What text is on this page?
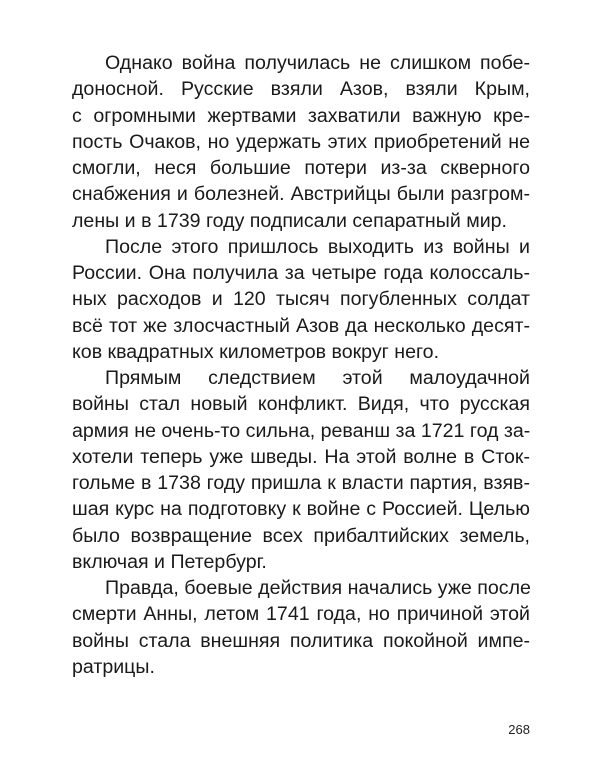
Однако война получилась не слишком побе-
доносной. Русские взяли Азов, взяли Крым,
с огромными жертвами захватили важную кре-
пость Очаков, но удержать этих приобретений не
смогли, неся большие потери из-за скверного
снабжения и болезней. Австрийцы были разгром-
лены и в 1739 году подписали сепаратный мир.
После этого пришлось выходить из войны и
России. Она получила за четыре года колоссаль-
ных расходов и 120 тысяч погубленных солдат
всё тот же злосчастный Азов да несколько десят-
ков квадратных километров вокруг него.
Прямым следствием этой малоудачной
войны стал новый конфликт. Видя, что русская
армия не очень-то сильна, реванш за 1721 год за-
хотели теперь уже шведы. На этой волне в Сток-
гольме в 1738 году пришла к власти партия, взяв-
шая курс на подготовку к войне с Россией. Целью
было возвращение всех прибалтийских земель,
включая и Петербург.
Правда, боевые действия начались уже после
смерти Анны, летом 1741 года, но причиной этой
войны стала внешняя политика покойной импе-
ратрицы.
268
